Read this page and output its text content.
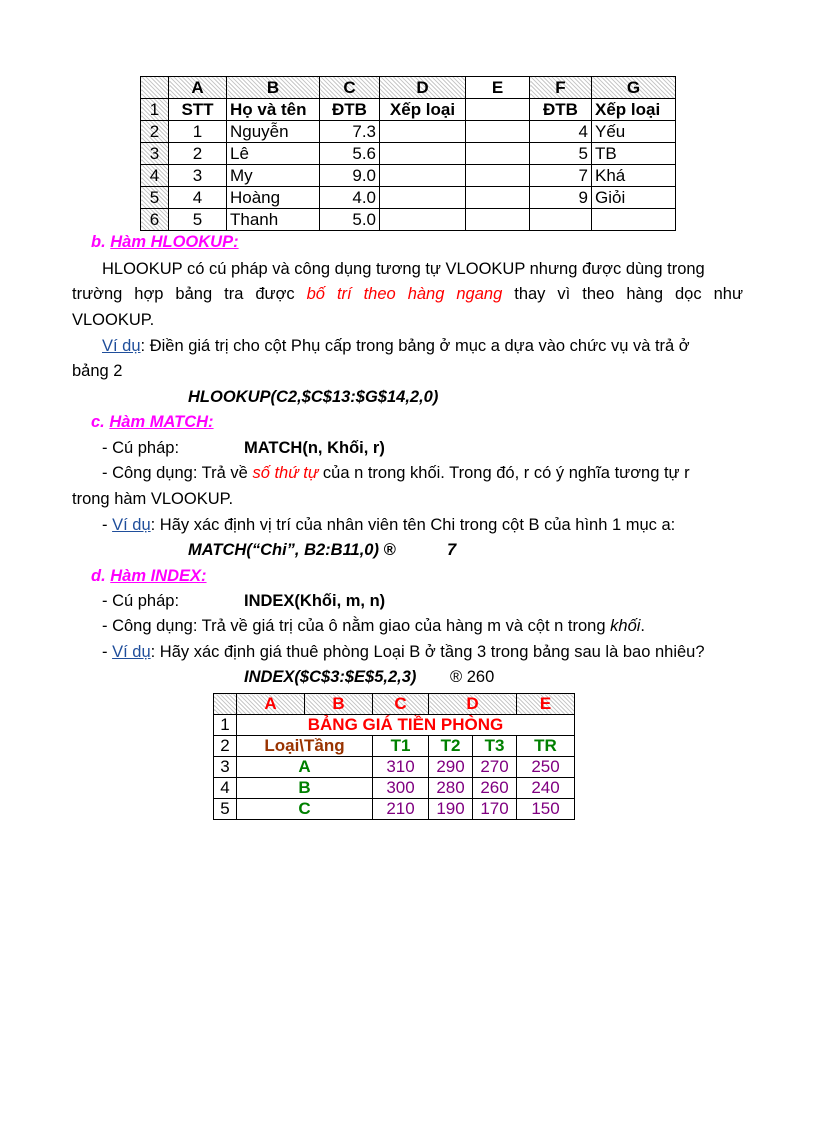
	A	B	C	D	E	F	G
1	STT	Họ và tên	ĐTB	Xếp loại		ĐTB	Xếp loại
2	1	Nguyễn	7.3			4	Yếu
3	2	Lê	5.6			5	TB
4	3	My	9.0			7	Khá
5	4	Hoàng	4.0			9	Giỏi
6	5	Thanh	5.0				
b. Hàm HLOOKUP:
HLOOKUP có cú pháp và công dụng tương tự VLOOKUP nhưng được dùng trong
trường hợp bảng tra được bố trí theo hàng ngang thay vì theo hàng dọc như
VLOOKUP.
Ví dụ: Điền giá trị cho cột Phụ cấp trong bảng ở mục a dựa vào chức vụ và trả ở
bảng 2
HLOOKUP(C2,$C$13:$G$14,2,0)
c. Hàm MATCH:
- Cú pháp:	MATCH(n, Khối, r)
- Công dụng: Trả về số thứ tự của n trong khối. Trong đó, r có ý nghĩa tương tự r
trong hàm VLOOKUP.
- Ví dụ: Hãy xác định vị trí của nhân viên tên Chi trong cột B của hình 1 mục a:
MATCH(“Chi”, B2:B11,0) ®	7
d. Hàm INDEX:
- Cú pháp:	INDEX(Khối, m, n)
- Công dụng: Trả về giá trị của ô nằm giao của hàng m và cột n trong khối.
- Ví dụ: Hãy xác định giá thuê phòng Loại B ở tầng 3 trong bảng sau là bao nhiêu?
INDEX($C$3:$E$5,2,3) ® 260
	A	B	C	D		E
1	BẢNG GIÁ TIỀN PHÒNG					
2	Loại\Tầng		T1	T2	T3	TR
3	A		310	290	270	250
4	B		300	280	260	240
5	C		210	190	170	150
